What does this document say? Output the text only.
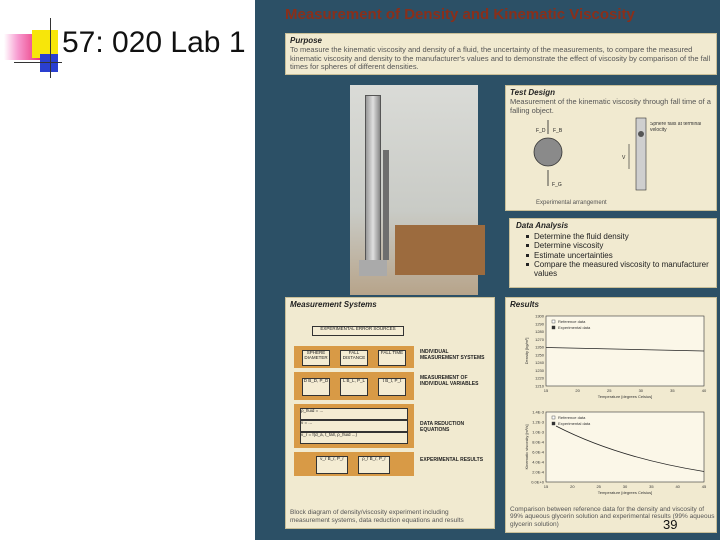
57: 020 Lab 1
Measurement of Density and Kinematic Viscosity
Purpose

To measure the kinematic viscosity and density of a fluid, the uncertainty of the measurements, to compare the measured kinematic viscosity and density to the manufacturer's values and to demonstrate the effect of viscosity by comparison of the fall times for spheres of different densities.

Test Design

Measurement of the kinematic viscosity through fall time of a falling object.

F_D F_B
F_G
V
Sphere falls at terminal velocity
Experimental arrangement
Data Analysis
Determine the fluid density
Determine viscosity
Estimate uncertainties
Compare the measured viscosity to manufacturer values
Measurement Systems
EXPERIMENTAL ERROR SOURCES
SPHERE DIAMETER
FALL DISTANCE
FALL TIME
D B_D, P_D	L B_L, P_L	t B_t, P_t
ρ_fluid = ...
ν = ...
ν_r = f(d_a, t_fall, ρ_fluid ...)
ν_r B_r, P_r	ρ_f B_r, P_r
INDIVIDUAL MEASUREMENT SYSTEMS
MEASUREMENT OF INDIVIDUAL VARIABLES
DATA REDUCTION EQUATIONS
EXPERIMENTAL RESULTS
Block diagram of density/viscosity experiment including measurement systems, data reduction equations and results
Results
1300
1290
1280
1270
1260
1250
1240
1230
1220
1210
15	20	25	30	35	40
Temperature [degrees Celsius]
Density [kg/m³]
Reference data
Experimental data
1.4E-3
1.2E-3
1.0E-3
8.0E-4
6.0E-4
4.0E-4
2.0E-4
0.0E+0
15	20	25	30	35	40	45
Temperature [degrees Celsius]
Kinematic viscosity [m²/s]
Reference data
Experimental data
Comparison between reference data for the density and viscosity of 99% aqueous glycerin solution and experimental results (99% aqueous glycerin solution)	39
